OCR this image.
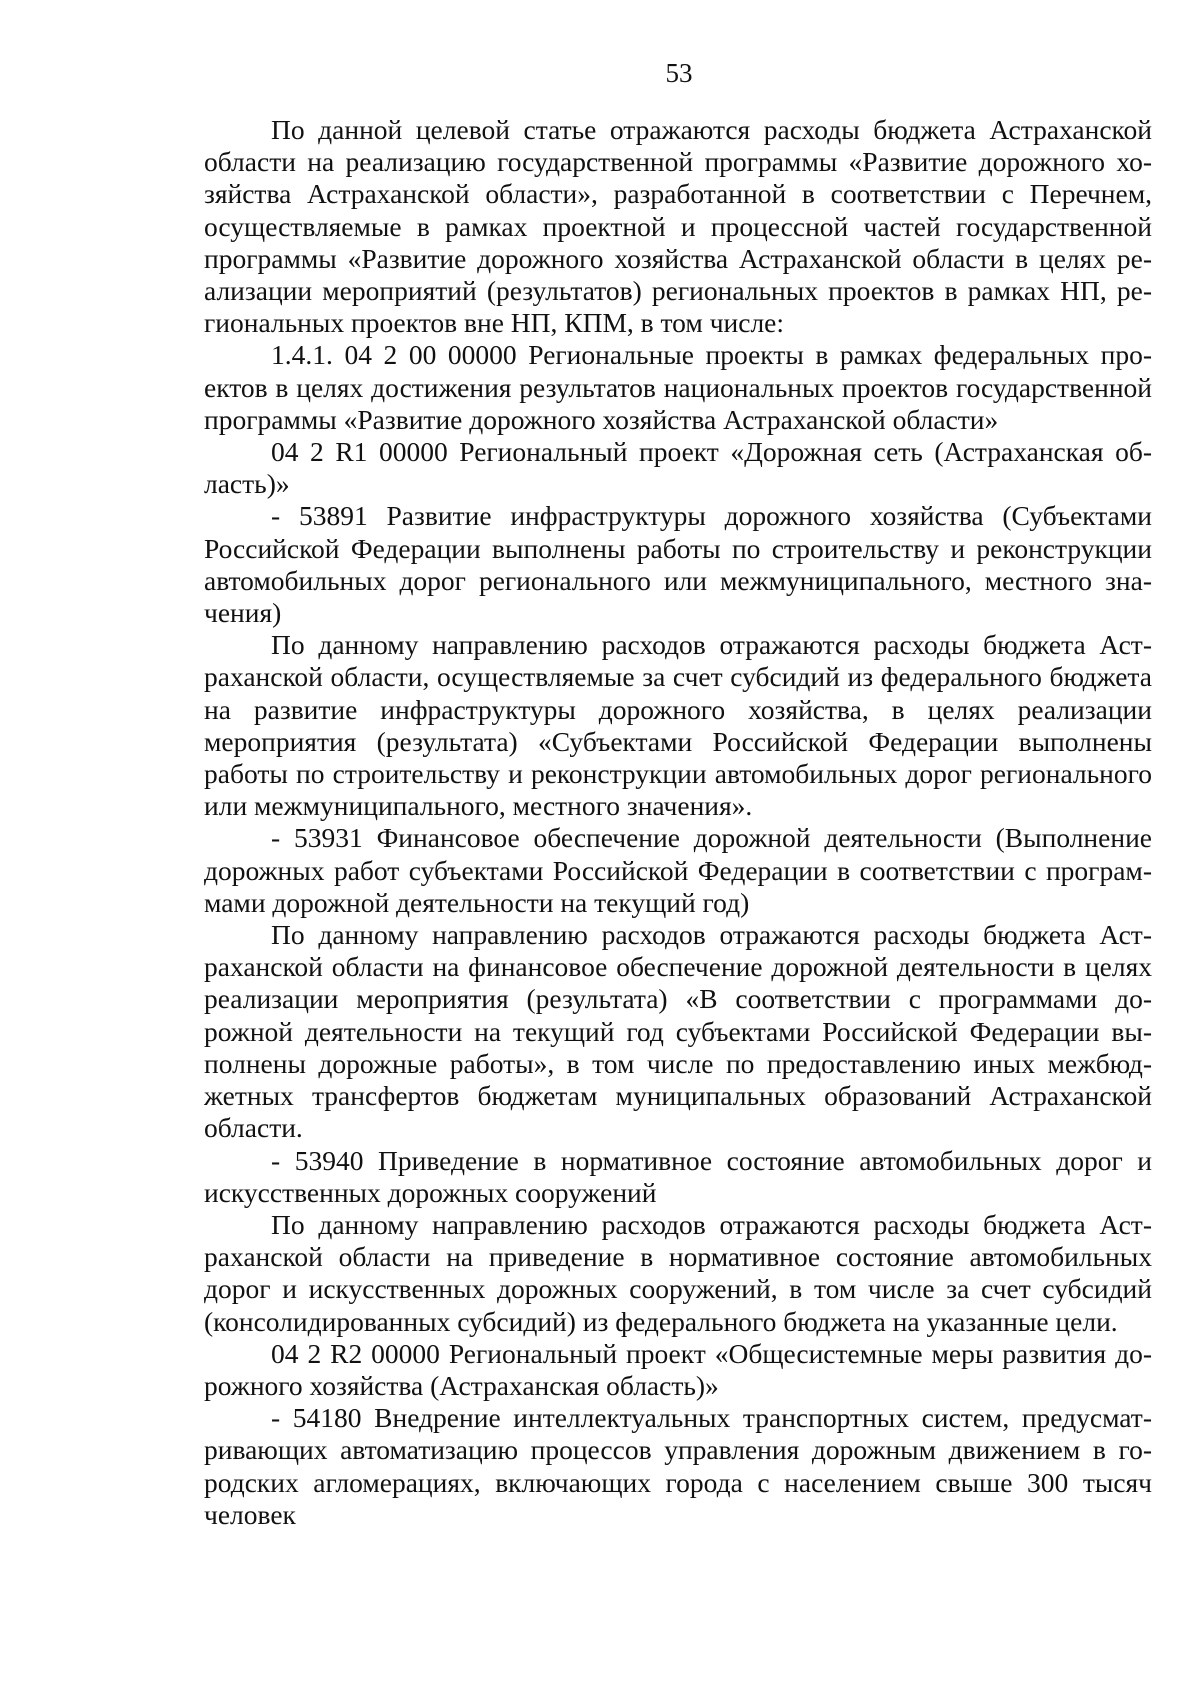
53

По данной целевой статье отражаются расходы бюджета Астраханской области на реализацию государственной программы «Развитие дорожного хозяйства Астраханской области», разработанной в соответствии с Перечнем, осуществляемые в рамках проектной и процессной частей государственной программы «Развитие дорожного хозяйства Астраханской области в целях реализации мероприятий (результатов) региональных проектов в рамках НП, региональных проектов вне НП, КПМ, в том числе:

1.4.1. 04 2 00 00000 Региональные проекты в рамках федеральных проектов в целях достижения результатов национальных проектов государственной программы «Развитие дорожного хозяйства Астраханской области»

04 2 R1 00000 Региональный проект «Дорожная сеть (Астраханская область)»

- 53891 Развитие инфраструктуры дорожного хозяйства (Субъектами Российской Федерации выполнены работы по строительству и реконструкции автомобильных дорог регионального или межмуниципального, местного значения)

По данному направлению расходов отражаются расходы бюджета Астраханской области, осуществляемые за счет субсидий из федерального бюджета на развитие инфраструктуры дорожного хозяйства, в целях реализации мероприятия (результата) «Субъектами Российской Федерации выполнены работы по строительству и реконструкции автомобильных дорог регионального или межмуниципального, местного значения».

- 53931 Финансовое обеспечение дорожной деятельности (Выполнение дорожных работ субъектами Российской Федерации в соответствии с программами дорожной деятельности на текущий год)

По данному направлению расходов отражаются расходы бюджета Астраханской области на финансовое обеспечение дорожной деятельности в целях реализации мероприятия (результата) «В соответствии с программами дорожной деятельности на текущий год субъектами Российской Федерации выполнены дорожные работы», в том числе по предоставлению иных межбюджетных трансфертов бюджетам муниципальных образований Астраханской области.

- 53940 Приведение в нормативное состояние автомобильных дорог и искусственных дорожных сооружений

По данному направлению расходов отражаются расходы бюджета Астраханской области на приведение в нормативное состояние автомобильных дорог и искусственных дорожных сооружений, в том числе за счет субсидий (консолидированных субсидий) из федерального бюджета на указанные цели.

04 2 R2 00000 Региональный проект «Общесистемные меры развития дорожного хозяйства (Астраханская область)»

- 54180 Внедрение интеллектуальных транспортных систем, предусматривающих автоматизацию процессов управления дорожным движением в городских агломерациях, включающих города с населением свыше 300 тысяч человек
